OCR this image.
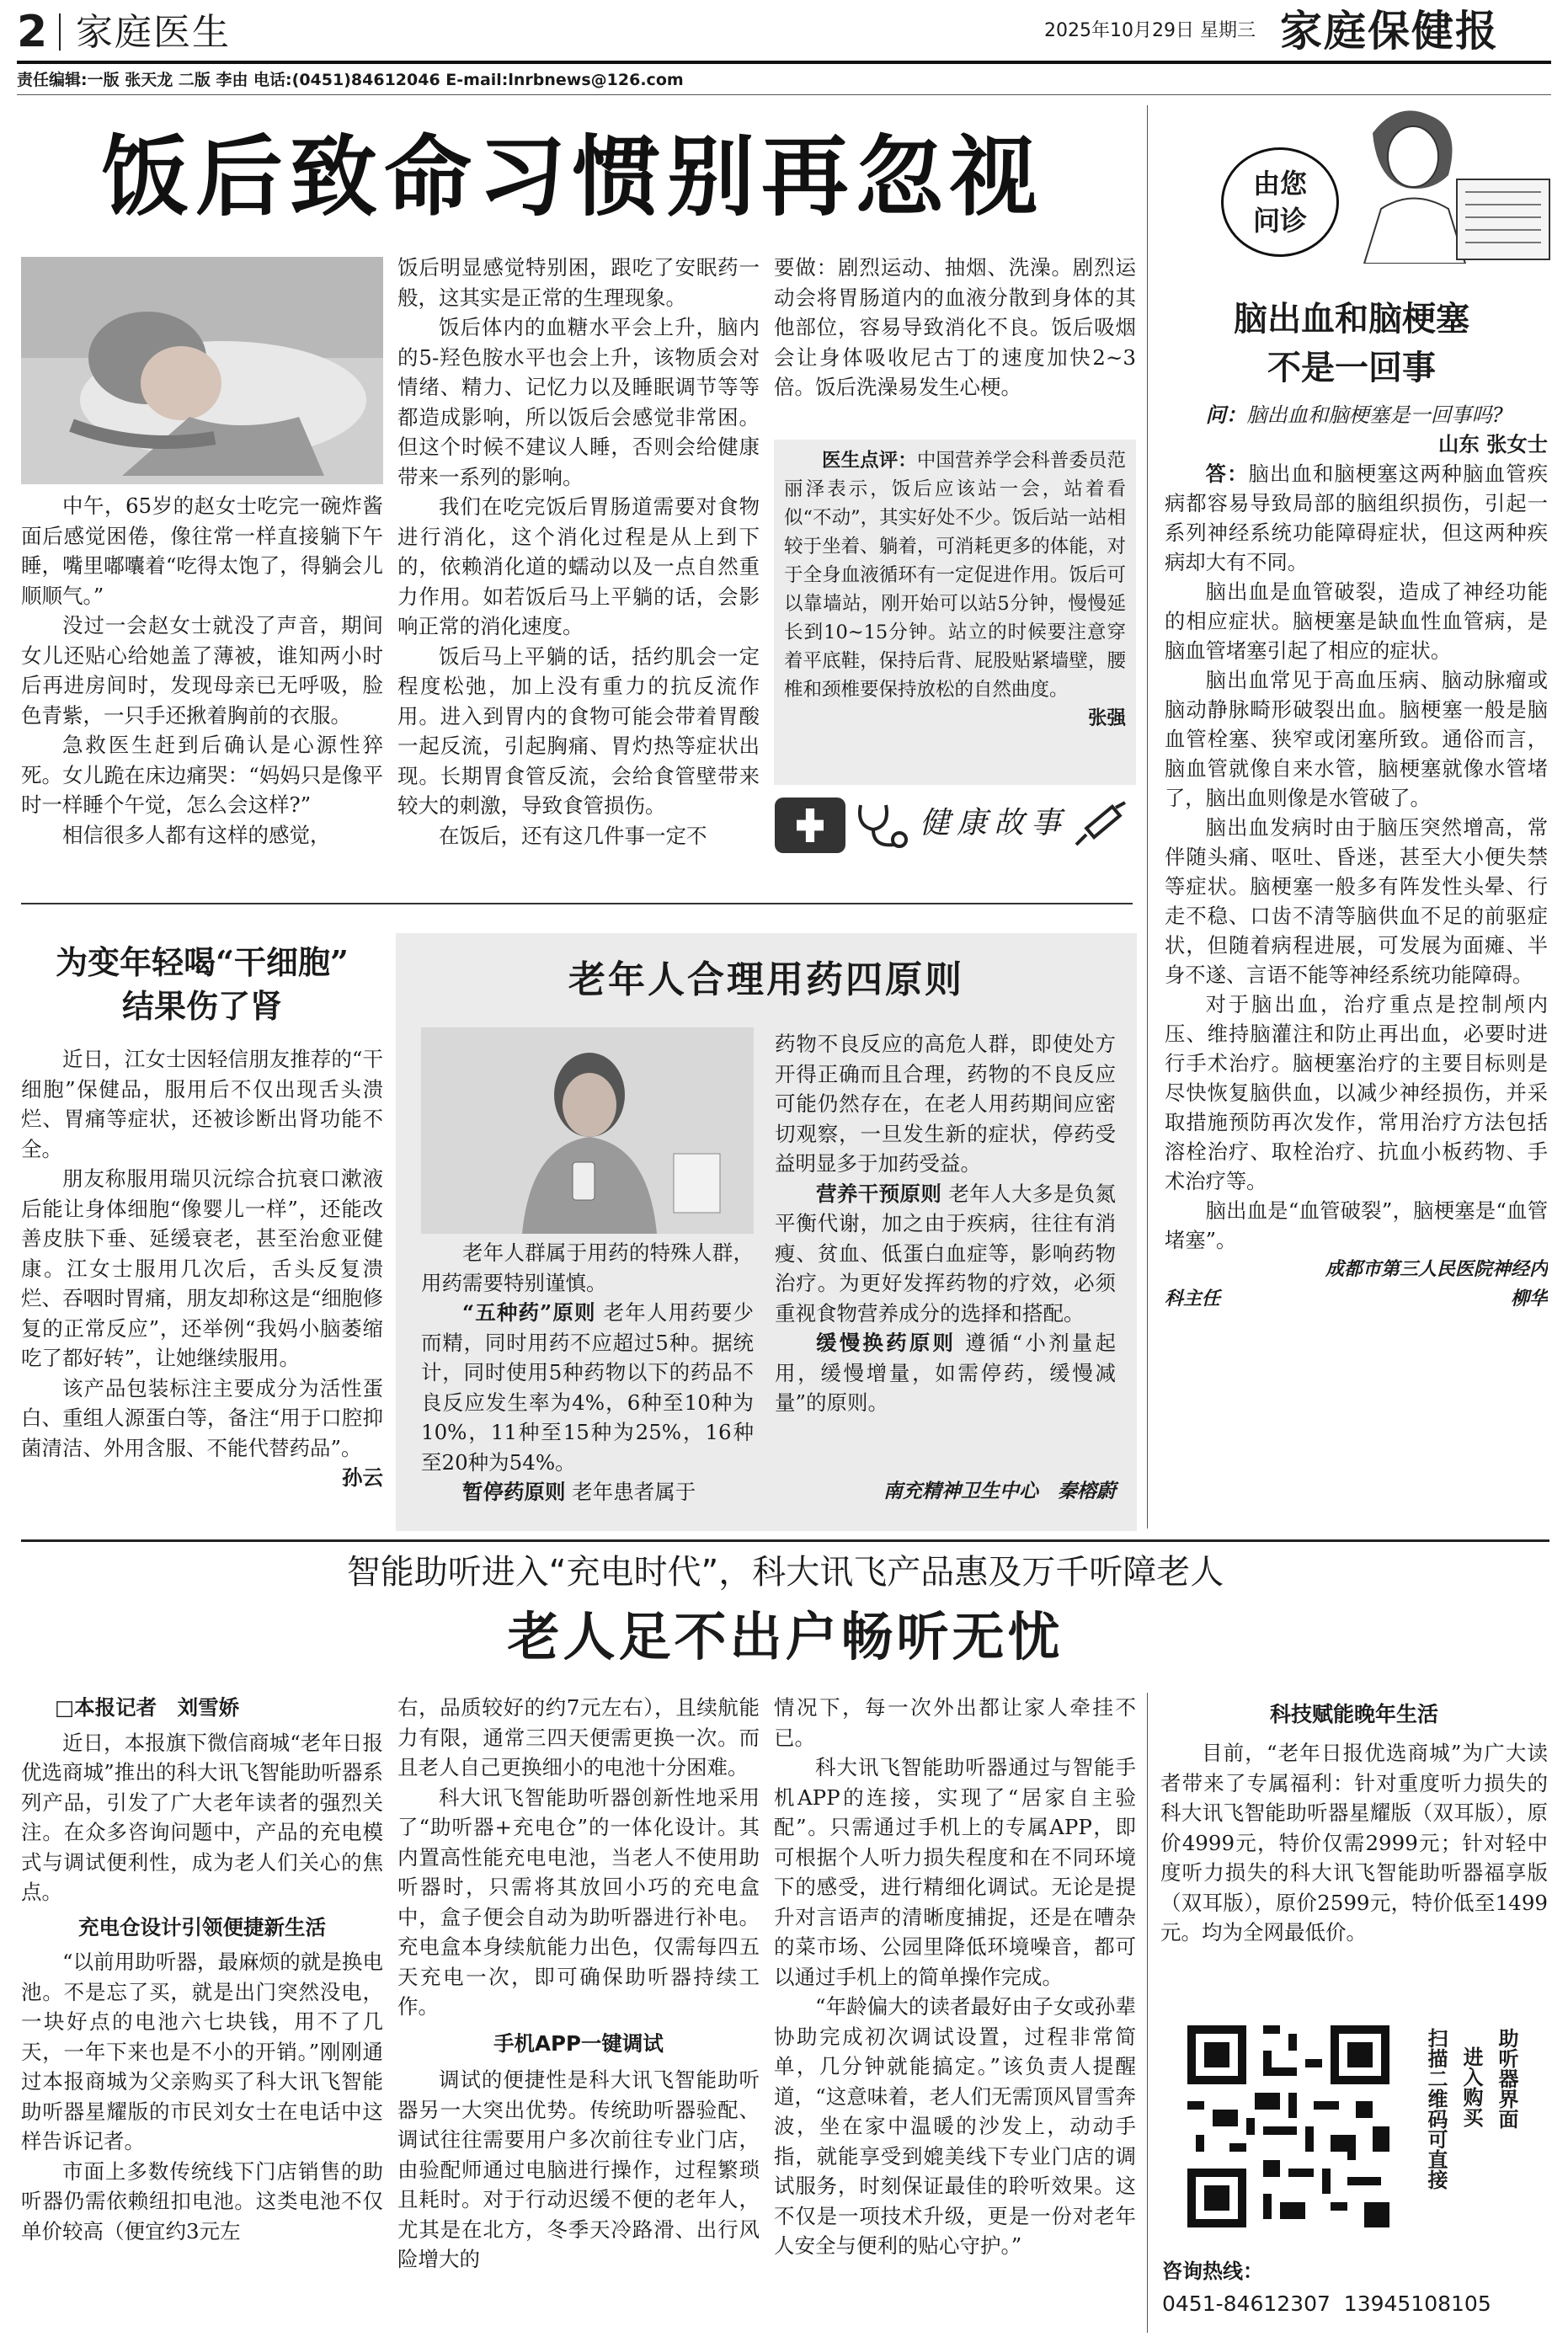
2 家庭医生	2025年10月29日 星期三 家庭保健报
责任编辑:一版 张天龙 二版 李由 电话:(0451)84612046 E-mail:lnrbnews@126.com
饭后致命习惯别再忽视

中午，65岁的赵女士吃完一碗炸酱面后感觉困倦，像往常一样直接躺下午睡，嘴里嘟囔着“吃得太饱了，得躺会儿顺顺气。”

没过一会赵女士就没了声音，期间女儿还贴心给她盖了薄被，谁知两小时后再进房间时，发现母亲已无呼吸，脸色青紫，一只手还揪着胸前的衣服。

急救医生赶到后确认是心源性猝死。女儿跪在床边痛哭：“妈妈只是像平时一样睡个午觉，怎么会这样?”

相信很多人都有这样的感觉，

饭后明显感觉特别困，跟吃了安眠药一般，这其实是正常的生理现象。

饭后体内的血糖水平会上升，脑内的5-羟色胺水平也会上升，该物质会对情绪、精力、记忆力以及睡眠调节等等都造成影响，所以饭后会感觉非常困。但这个时候不建议人睡，否则会给健康带来一系列的影响。

我们在吃完饭后胃肠道需要对食物进行消化，这个消化过程是从上到下的，依赖消化道的蠕动以及一点自然重力作用。如若饭后马上平躺的话，会影响正常的消化速度。

饭后马上平躺的话，括约肌会一定程度松弛，加上没有重力的抗反流作用。进入到胃内的食物可能会带着胃酸一起反流，引起胸痛、胃灼热等症状出现。长期胃食管反流，会给食管壁带来较大的刺激，导致食管损伤。

在饭后，还有这几件事一定不

要做：剧烈运动、抽烟、洗澡。剧烈运动会将胃肠道内的血液分散到身体的其他部位，容易导致消化不良。饭后吸烟会让身体吸收尼古丁的速度加快2~3倍。饭后洗澡易发生心梗。

医生点评：中国营养学会科普委员范丽泽表示，饭后应该站一会，站着看似“不动”，其实好处不少。饭后站一站相较于坐着、躺着，可消耗更多的体能，对于全身血液循环有一定促进作用。饭后可以靠墙站，刚开始可以站5分钟，慢慢延长到10~15分钟。站立的时候要注意穿着平底鞋，保持后背、屁股贴紧墙壁，腰椎和颈椎要保持放松的自然曲度。
张强
健康故事
由您
问诊
脑出血和脑梗塞
不是一回事

问：脑出血和脑梗塞是一回事吗?

山东 张女士

答：脑出血和脑梗塞这两种脑血管疾病都容易导致局部的脑组织损伤，引起一系列神经系统功能障碍症状，但这两种疾病却大有不同。

脑出血是血管破裂，造成了神经功能的相应症状。脑梗塞是缺血性血管病，是脑血管堵塞引起了相应的症状。

脑出血常见于高血压病、脑动脉瘤或脑动静脉畸形破裂出血。脑梗塞一般是脑血管栓塞、狭窄或闭塞所致。通俗而言，脑血管就像自来水管，脑梗塞就像水管堵了，脑出血则像是水管破了。

脑出血发病时由于脑压突然增高，常伴随头痛、呕吐、昏迷，甚至大小便失禁等症状。脑梗塞一般多有阵发性头晕、行走不稳、口齿不清等脑供血不足的前驱症状，但随着病程进展，可发展为面瘫、半身不遂、言语不能等神经系统功能障碍。

对于脑出血，治疗重点是控制颅内压、维持脑灌注和防止再出血，必要时进行手术治疗。脑梗塞治疗的主要目标则是尽快恢复脑供血，以减少神经损伤，并采取措施预防再次发作，常用治疗方法包括溶栓治疗、取栓治疗、抗血小板药物、手术治疗等。

脑出血是“血管破裂”，脑梗塞是“血管堵塞”。

成都市第三人民医院神经内
科主任	柳华
为变年轻喝“干细胞”
结果伤了肾

近日，江女士因轻信朋友推荐的“干细胞”保健品，服用后不仅出现舌头溃烂、胃痛等症状，还被诊断出肾功能不全。

朋友称服用瑞贝沅综合抗衰口漱液后能让身体细胞“像婴儿一样”，还能改善皮肤下垂、延缓衰老，甚至治愈亚健康。江女士服用几次后，舌头反复溃烂、吞咽时胃痛，朋友却称这是“细胞修复的正常反应”，还举例“我妈小脑萎缩吃了都好转”，让她继续服用。

该产品包装标注主要成分为活性蛋白、重组人源蛋白等，备注“用于口腔抑菌清洁、外用含服、不能代替药品”。

孙云
老年人合理用药四原则

老年人群属于用药的特殊人群，用药需要特别谨慎。

“五种药”原则 老年人用药要少而精，同时用药不应超过5种。据统计，同时使用5种药物以下的药品不良反应发生率为4%，6种至10种为10%，11种至15种为25%，16种至20种为54%。

暂停药原则 老年患者属于

药物不良反应的高危人群，即使处方开得正确而且合理，药物的不良反应可能仍然存在，在老人用药期间应密切观察，一旦发生新的症状，停药受益明显多于加药受益。

营养干预原则 老年人大多是负氮平衡代谢，加之由于疾病，往往有消瘦、贫血、低蛋白血症等，影响药物治疗。为更好发挥药物的疗效，必须重视食物营养成分的选择和搭配。

缓慢换药原则 遵循“小剂量起用，缓慢增量，如需停药，缓慢减量”的原则。

南充精神卫生中心　秦榕蔚
智能助听进入“充电时代”，科大讯飞产品惠及万千听障老人
老人足不出户畅听无忧
□本报记者　刘雪娇

近日，本报旗下微信商城“老年日报优选商城”推出的科大讯飞智能助听器系列产品，引发了广大老年读者的强烈关注。在众多咨询问题中，产品的充电模式与调试便利性，成为老人们关心的焦点。

充电仓设计引领便捷新生活

“以前用助听器，最麻烦的就是换电池。不是忘了买，就是出门突然没电，一块好点的电池六七块钱，用不了几天，一年下来也是不小的开销。”刚刚通过本报商城为父亲购买了科大讯飞智能助听器星耀版的市民刘女士在电话中这样告诉记者。

市面上多数传统线下门店销售的助听器仍需依赖纽扣电池。这类电池不仅单价较高（便宜约3元左

右，品质较好的约7元左右），且续航能力有限，通常三四天便需更换一次。而且老人自己更换细小的电池十分困难。

科大讯飞智能助听器创新性地采用了“助听器+充电仓”的一体化设计。其内置高性能充电电池，当老人不使用助听器时，只需将其放回小巧的充电盒中，盒子便会自动为助听器进行补电。充电盒本身续航能力出色，仅需每四五天充电一次，即可确保助听器持续工作。

手机APP一键调试

调试的便捷性是科大讯飞智能助听器另一大突出优势。传统助听器验配、调试往往需要用户多次前往专业门店，由验配师通过电脑进行操作，过程繁琐且耗时。对于行动迟缓不便的老年人，尤其是在北方，冬季天冷路滑、出行风险增大的

情况下，每一次外出都让家人牵挂不已。

科大讯飞智能助听器通过与智能手机APP的连接，实现了“居家自主验配”。只需通过手机上的专属APP，即可根据个人听力损失程度和在不同环境下的感受，进行精细化调试。无论是提升对言语声的清晰度捕捉，还是在嘈杂的菜市场、公园里降低环境噪音，都可以通过手机上的简单操作完成。

“年龄偏大的读者最好由子女或孙辈协助完成初次调试设置，过程非常简单，几分钟就能搞定。”该负责人提醒道，“这意味着，老人们无需顶风冒雪奔波，坐在家中温暖的沙发上，动动手指，就能享受到媲美线下专业门店的调试服务，时刻保证最佳的聆听效果。这不仅是一项技术升级，更是一份对老年人安全与便利的贴心守护。”

科技赋能晚年生活

目前，“老年日报优选商城”为广大读者带来了专属福利：针对重度听力损失的科大讯飞智能助听器星耀版（双耳版），原价4999元，特价仅需2999元；针对轻中度听力损失的科大讯飞智能助听器福享版（双耳版），原价2599元，特价低至1499元。均为全网最低价。

扫描二维码可直接 进入购买 助听器界面
咨询热线：
0451-84612307  13945108105
